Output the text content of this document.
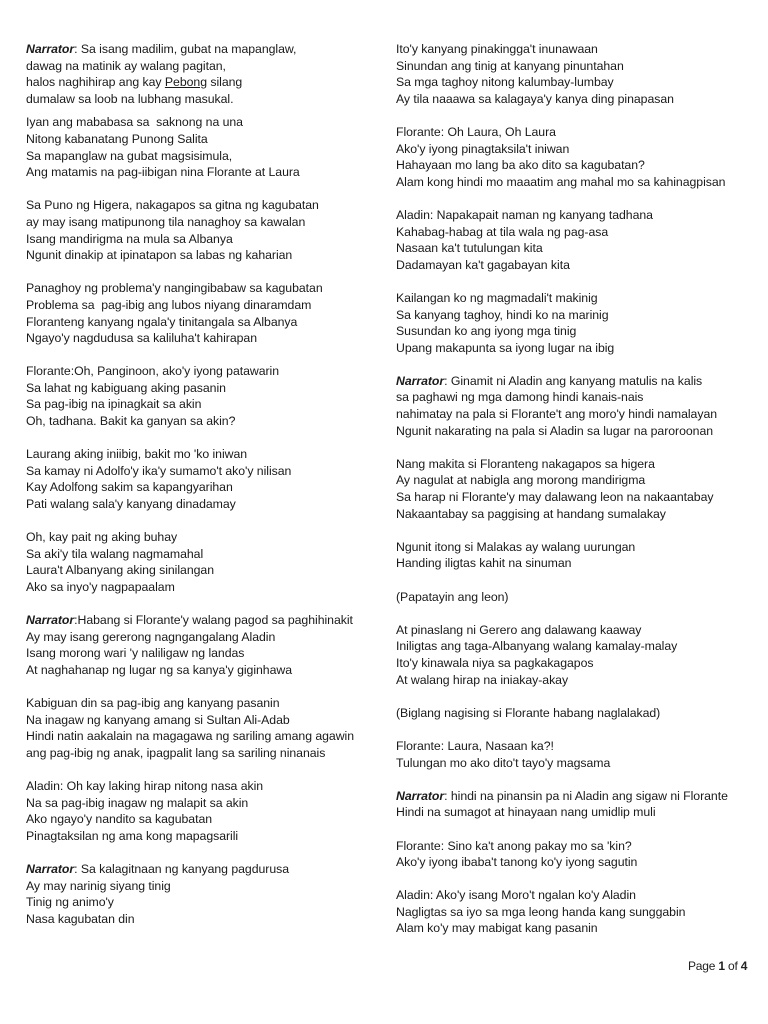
Narrator: Sa isang madilim, gubat na mapanglaw,
dawag na matinik ay walang pagitan,
halos naghihirap ang kay Pebong silang
dumalaw sa loob na lubhang masukal.
Iyan ang mababasa sa  saknong na una
Nitong kabanatang Punong Salita
Sa mapanglaw na gubat magsisimula,
Ang matamis na pag-iibigan nina Florante at Laura
Sa Puno ng Higera, nakagapos sa gitna ng kagubatan
ay may isang matipunong tila nanaghoy sa kawalan
Isang mandirigma na mula sa Albanya
Ngunit dinakip at ipinatapon sa labas ng kaharian
Panaghoy ng problema'y nangingibabaw sa kagubatan
Problema sa  pag-ibig ang lubos niyang dinaramdam
Floranteng kanyang ngala'y tinitangala sa Albanya
Ngayo'y nagdudusa sa kaliluha't kahirapan
Florante:Oh, Panginoon, ako'y iyong patawarin
Sa lahat ng kabiguang aking pasanin
Sa pag-ibig na ipinagkait sa akin
Oh, tadhana. Bakit ka ganyan sa akin?
Laurang aking iniibig, bakit mo 'ko iniwan
Sa kamay ni Adolfo'y ika'y sumamo't ako'y nilisan
Kay Adolfong sakim sa kapangyarihan
Pati walang sala'y kanyang dinadamay
Oh, kay pait ng aking buhay
Sa aki'y tila walang nagmamahal
Laura't Albanyang aking sinilangan
Ako sa inyo'y nagpapaalam
Narrator:Habang si Florante'y walang pagod sa paghihinakit
Ay may isang gererong nagngangalang Aladin
Isang morong wari 'y naliligaw ng landas
At naghahanap ng lugar ng sa kanya'y giginhawa
Kabiguan din sa pag-ibig ang kanyang pasanin
Na inagaw ng kanyang amang si Sultan Ali-Adab
Hindi natin aakalain na magagawa ng sariling amang agawin
ang pag-ibig ng anak, ipagpalit lang sa sariling ninanais
Aladin: Oh kay laking hirap nitong nasa akin
Na sa pag-ibig inagaw ng malapit sa akin
Ako ngayo'y nandito sa kagubatan
Pinagtaksilan ng ama kong mapagsarili
Narrator: Sa kalagitnaan ng kanyang pagdurusa
Ay may narinig siyang tinig
Tinig ng animo'y
Nasa kagubatan din
Ito'y kanyang pinakingga't inunawaan
Sinundan ang tinig at kanyang pinuntahan
Sa mga taghoy nitong kalumbay-lumbay
Ay tila naaawa sa kalagaya'y kanya ding pinapasan
Florante: Oh Laura, Oh Laura
Ako'y iyong pinagtaksila't iniwan
Hahayaan mo lang ba ako dito sa kagubatan?
Alam kong hindi mo maaatim ang mahal mo sa kahinagpisan
Aladin: Napakapait naman ng kanyang tadhana
Kahabag-habag at tila wala ng pag-asa
Nasaan ka't tutulungan kita
Dadamayan ka't gagabayan kita
Kailangan ko ng magmadali't makinig
Sa kanyang taghoy, hindi ko na marinig
Susundan ko ang iyong mga tinig
Upang makapunta sa iyong lugar na ibig
Narrator: Ginamit ni Aladin ang kanyang matulis na kalis
sa paghawi ng mga damong hindi kanais-nais
nahimatay na pala si Florante't ang moro'y hindi namalayan
Ngunit nakarating na pala si Aladin sa lugar na paroroonan
Nang makita si Floranteng nakagapos sa higera
Ay nagulat at nabigla ang morong mandirigma
Sa harap ni Florante'y may dalawang leon na nakaantabay
Nakaantabay sa paggising at handang sumalakay
Ngunit itong si Malakas ay walang uurungan
Handing iligtas kahit na sinuman
(Papatayin ang leon)
At pinaslang ni Gerero ang dalawang kaaway
Iniligtas ang taga-Albanyang walang kamalay-malay
Ito'y kinawala niya sa pagkakagapos
At walang hirap na iniakay-akay
(Biglang nagising si Florante habang naglalakad)
Florante: Laura, Nasaan ka?!
Tulungan mo ako dito't tayo'y magsama
Narrator: hindi na pinansin pa ni Aladin ang sigaw ni Florante
Hindi na sumagot at hinayaan nang umidlip muli
Florante: Sino ka't anong pakay mo sa 'kin?
Ako'y iyong ibaba't tanong ko'y iyong sagutin
Aladin: Ako'y isang Moro't ngalan ko'y Aladin
Nagligtas sa iyo sa mga leong handa kang sunggabin
Alam ko'y may mabigat kang pasanin
Page 1 of 4
